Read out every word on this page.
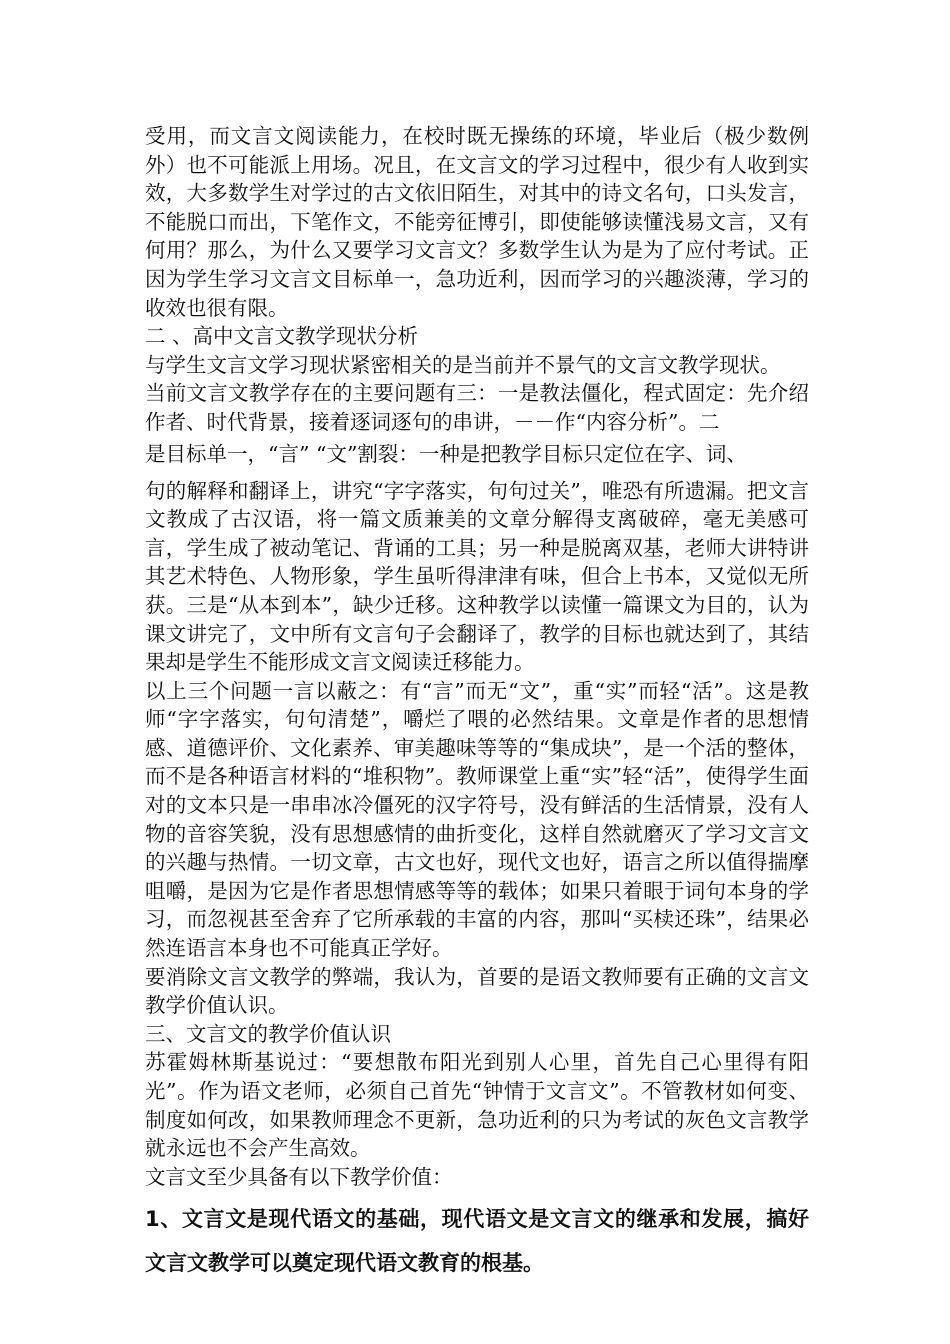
受用，而文言文阅读能力，在校时既无操练的环境，毕业后（极少数例外）也不可能派上用场。况且，在文言文的学习过程中，很少有人收到实效，大多数学生对学过的古文依旧陌生，对其中的诗文名句，口头发言，不能脱口而出，下笔作文，不能旁征博引，即使能够读懂浅易文言，又有何用？那么，为什么又要学习文言文？多数学生认为是为了应付考试。正因为学生学习文言文目标单一，急功近利，因而学习的兴趣淡薄，学习的收效也很有限。

二 、高中文言文教学现状分析

与学生文言文学习现状紧密相关的是当前并不景气的文言文教学现状。

当前文言文教学存在的主要问题有三：一是教法僵化，程式固定：先介绍作者、时代背景，接着逐词逐句的串讲，－－作“内容分析”。二

是目标单一，“言” “文”割裂：一种是把教学目标只定位在字、词、

句的解释和翻译上，讲究“字字落实，句句过关”，唯恐有所遗漏。把文言文教成了古汉语，将一篇文质兼美的文章分解得支离破碎，毫无美感可言，学生成了被动笔记、背诵的工具；另一种是脱离双基，老师大讲特讲其艺术特色、人物形象，学生虽听得津津有味，但合上书本，又觉似无所获。三是“从本到本”，缺少迁移。这种教学以读懂一篇课文为目的，认为课文讲完了，文中所有文言句子会翻译了，教学的目标也就达到了，其结果却是学生不能形成文言文阅读迁移能力。

以上三个问题一言以蔽之：有“言”而无“文”，重“实”而轻“活”。这是教师“字字落实，句句清楚”，嚼烂了喂的必然结果。文章是作者的思想情感、道德评价、文化素养、审美趣味等等的“集成块”，是一个活的整体，而不是各种语言材料的“堆积物”。教师课堂上重“实”轻“活”，使得学生面对的文本只是一串串冰冷僵死的汉字符号，没有鲜活的生活情景，没有人物的音容笑貌，没有思想感情的曲折变化，这样自然就磨灭了学习文言文的兴趣与热情。一切文章，古文也好，现代文也好，语言之所以值得揣摩咀嚼，是因为它是作者思想情感等等的载体；如果只着眼于词句本身的学习，而忽视甚至舍弃了它所承载的丰富的内容，那叫“买椟还珠”，结果必然连语言本身也不可能真正学好。

要消除文言文教学的弊端，我认为，首要的是语文教师要有正确的文言文教学价值认识。

三、文言文的教学价值认识

苏霍姆林斯基说过：“要想散布阳光到别人心里，首先自己心里得有阳光”。作为语文老师，必须自己首先“钟情于文言文”。不管教材如何变、制度如何改，如果教师理念不更新，急功近利的只为考试的灰色文言教学就永远也不会产生高效。

文言文至少具备有以下教学价值：

1、文言文是现代语文的基础，现代语文是文言文的继承和发展，搞好文言文教学可以奠定现代语文教育的根基。
